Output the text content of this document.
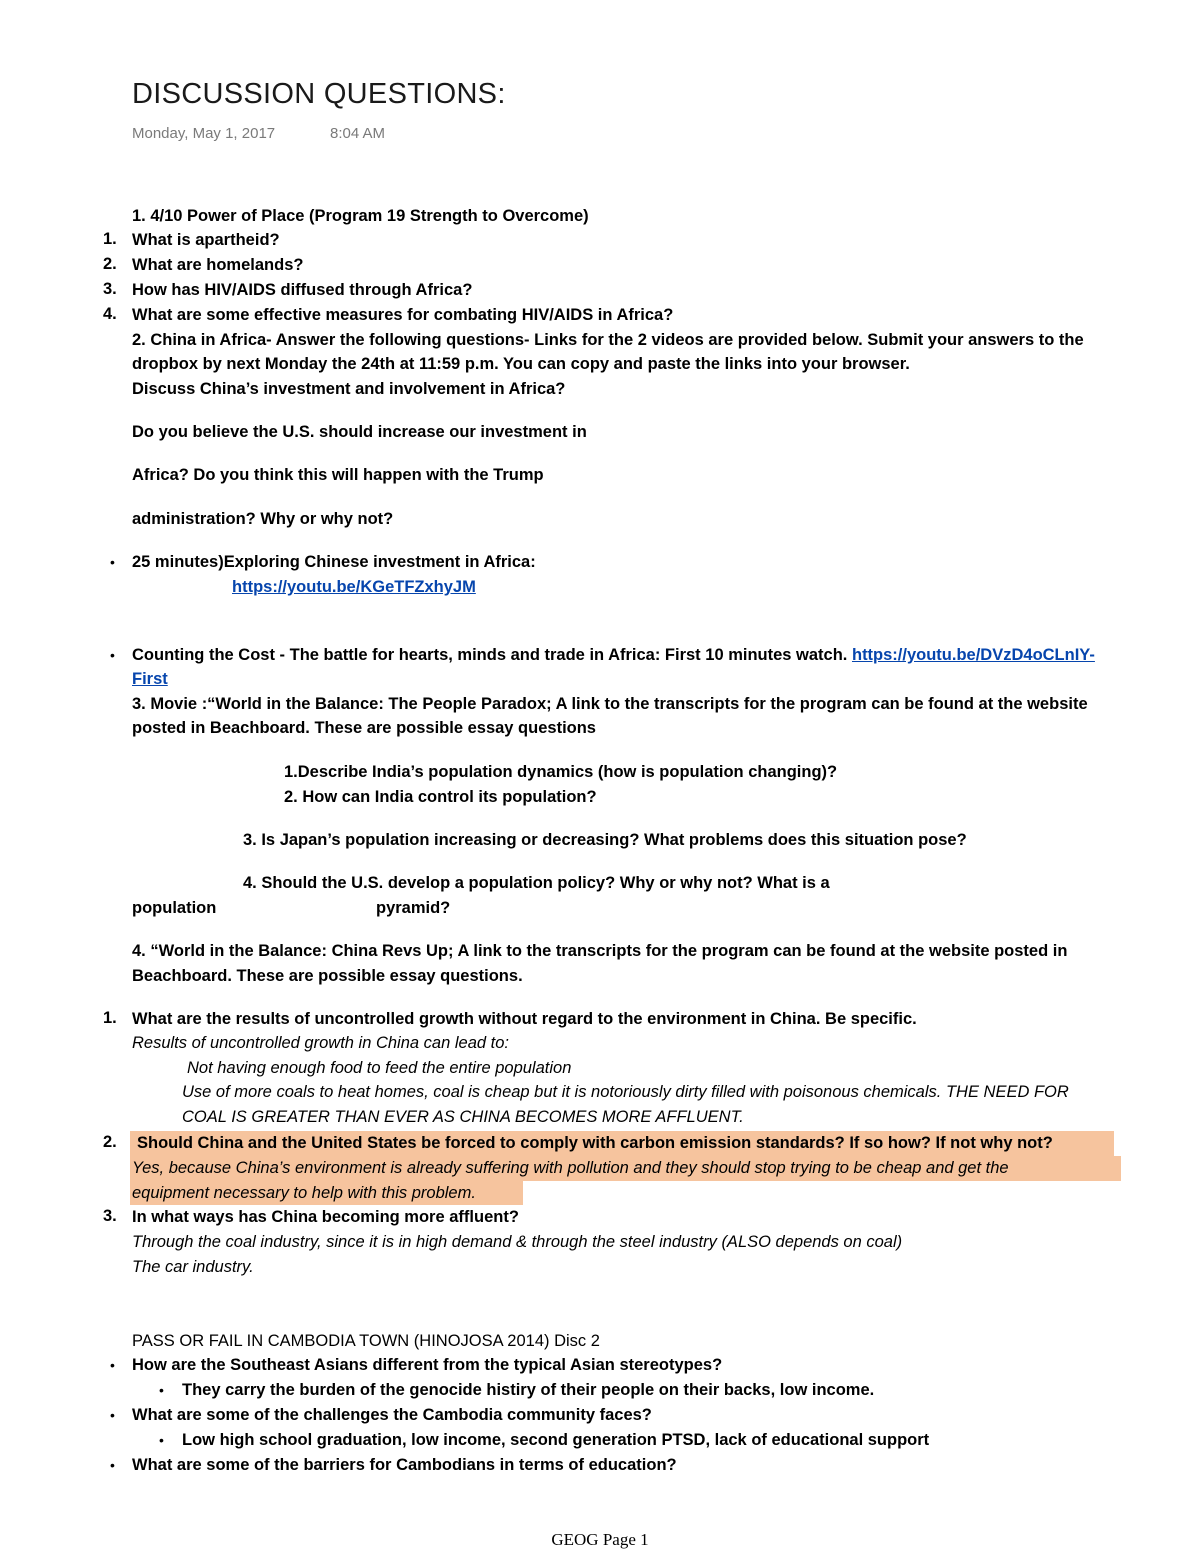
DISCUSSION QUESTIONS:
Monday, May 1, 2017	8:04 AM
1. 4/10 Power of Place (Program 19 Strength to Overcome)
1. What is apartheid?
2. What are homelands?
3. How has HIV/AIDS diffused through Africa?
4. What are some effective measures for combating HIV/AIDS in Africa?
2. China in Africa- Answer the following questions- Links for the 2 videos are provided below. Submit your answers to the
dropbox by next Monday the 24th at 11:59 p.m. You can copy and paste the links into your browser.
Discuss China’s investment and involvement in Africa?
Do you believe the U.S. should increase our investment in
Africa? Do you think this will happen with the Trump
administration? Why or why not?
• 25 minutes)Exploring Chinese investment in Africa:
https://youtu.be/KGeTFZxhyJM
• Counting the Cost - The battle for hearts, minds and trade in Africa: First 10 minutes watch. https://youtu.be/DVzD4oCLnIY-
First
3. Movie :“World in the Balance: The People Paradox; A link to the transcripts for the program can be found at the website
posted in Beachboard. These are possible essay questions
1.Describe India’s population dynamics (how is population changing)?
2. How can India control its population?
3. Is Japan’s population increasing or decreasing? What problems does this situation pose?
4. Should the U.S. develop a population policy? Why or why not? What is a
population	pyramid?
4. “World in the Balance: China Revs Up; A link to the transcripts for the program can be found at the website posted in
Beachboard. These are possible essay questions.
1. What are the results of uncontrolled growth without regard to the environment in China. Be specific.
Results of uncontrolled growth in China can lead to:
Not having enough food to feed the entire population
Use of more coals to heat homes, coal is cheap but it is notoriously dirty filled with poisonous chemicals. THE NEED FOR
COAL IS GREATER THAN EVER AS CHINA BECOMES MORE AFFLUENT.
2. Should China and the United States be forced to comply with carbon emission standards? If so how? If not why not?
Yes, because China’s environment is already suffering with pollution and they should stop trying to be cheap and get the
equipment necessary to help with this problem.
3. In what ways has China becoming more affluent?
Through the coal industry, since it is in high demand & through the steel industry (ALSO depends on coal)
The car industry.
PASS OR FAIL IN CAMBODIA TOWN (HINOJOSA 2014) Disc 2
• How are the Southeast Asians different from the typical Asian stereotypes?
• They carry the burden of the genocide histiry of their people on their backs, low income.
• What are some of the challenges the Cambodia community faces?
• Low high school graduation, low income, second generation PTSD, lack of educational support
• What are some of the barriers for Cambodians in terms of education?
GEOG Page 1
